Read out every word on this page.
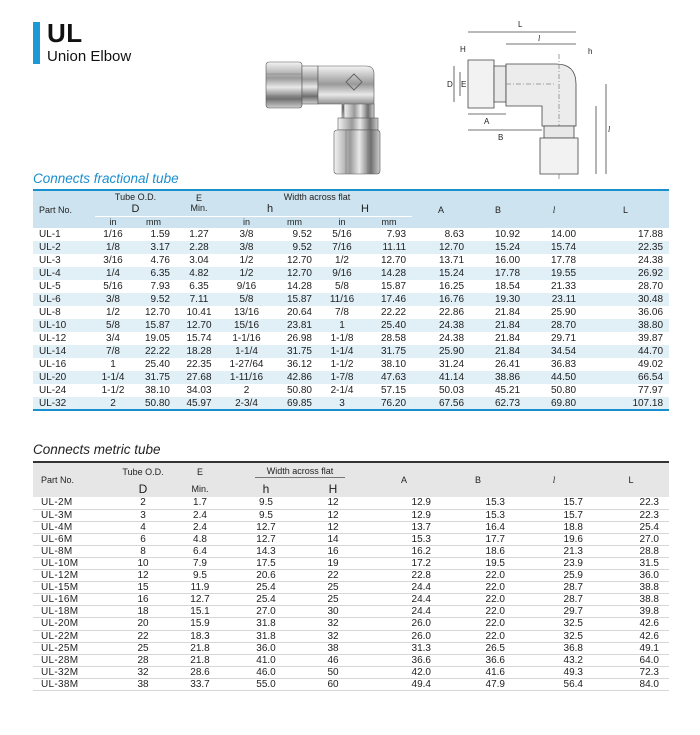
UL
Union Elbow
L
l
H	h
D E
A
B
l
Connects fractional tube
Part No.	Tube O.D.		E
Min.	Width across flat				A	B	l	L
	D			h		H					
	in	mm		in	mm	in	mm				
UL-1	1/16	1.59	1.27	3/8	9.52	5/16	7.93	8.63	10.92	14.00	17.88
UL-2	1/8	3.17	2.28	3/8	9.52	7/16	11.11	12.70	15.24	15.74	22.35
UL-3	3/16	4.76	3.04	1/2	12.70	1/2	12.70	13.71	16.00	17.78	24.38
UL-4	1/4	6.35	4.82	1/2	12.70	9/16	14.28	15.24	17.78	19.55	26.92
UL-5	5/16	7.93	6.35	9/16	14.28	5/8	15.87	16.25	18.54	21.33	28.70
UL-6	3/8	9.52	7.11	5/8	15.87	11/16	17.46	16.76	19.30	23.11	30.48
UL-8	1/2	12.70	10.41	13/16	20.64	7/8	22.22	22.86	21.84	25.90	36.06
UL-10	5/8	15.87	12.70	15/16	23.81	1	25.40	24.38	21.84	28.70	38.80
UL-12	3/4	19.05	15.74	1-1/16	26.98	1-1/8	28.58	24.38	21.84	29.71	39.87
UL-14	7/8	22.22	18.28	1-1/4	31.75	1-1/4	31.75	25.90	21.84	34.54	44.70
UL-16	1	25.40	22.35	1-27/64	36.12	1-1/2	38.10	31.24	26.41	36.83	49.02
UL-20	1-1/4	31.75	27.68	1-11/16	42.86	1-7/8	47.63	41.14	38.86	44.50	66.54
UL-24	1-1/2	38.10	34.03	2	50.80	2-1/4	57.15	50.03	45.21	50.80	77.97
UL-32	2	50.80	45.97	2-3/4	69.85	3	76.20	67.56	62.73	69.80	107.18
Connects metric tube
Part No.	Tube O.D.	E	Width across flat		A	B	l	L
	D	Min.	h	H				
UL-2M	2	1.7	9.5	12	12.9	15.3	15.7	22.3
UL-3M	3	2.4	9.5	12	12.9	15.3	15.7	22.3
UL-4M	4	2.4	12.7	12	13.7	16.4	18.8	25.4
UL-6M	6	4.8	12.7	14	15.3	17.7	19.6	27.0
UL-8M	8	6.4	14.3	16	16.2	18.6	21.3	28.8
UL-10M	10	7.9	17.5	19	17.2	19.5	23.9	31.5
UL-12M	12	9.5	20.6	22	22.8	22.0	25.9	36.0
UL-15M	15	11.9	25.4	25	24.4	22.0	28.7	38.8
UL-16M	16	12.7	25.4	25	24.4	22.0	28.7	38.8
UL-18M	18	15.1	27.0	30	24.4	22.0	29.7	39.8
UL-20M	20	15.9	31.8	32	26.0	22.0	32.5	42.6
UL-22M	22	18.3	31.8	32	26.0	22.0	32.5	42.6
UL-25M	25	21.8	36.0	38	31.3	26.5	36.8	49.1
UL-28M	28	21.8	41.0	46	36.6	36.6	43.2	64.0
UL-32M	32	28.6	46.0	50	42.0	41.6	49.3	72.3
UL-38M	38	33.7	55.0	60	49.4	47.9	56.4	84.0
